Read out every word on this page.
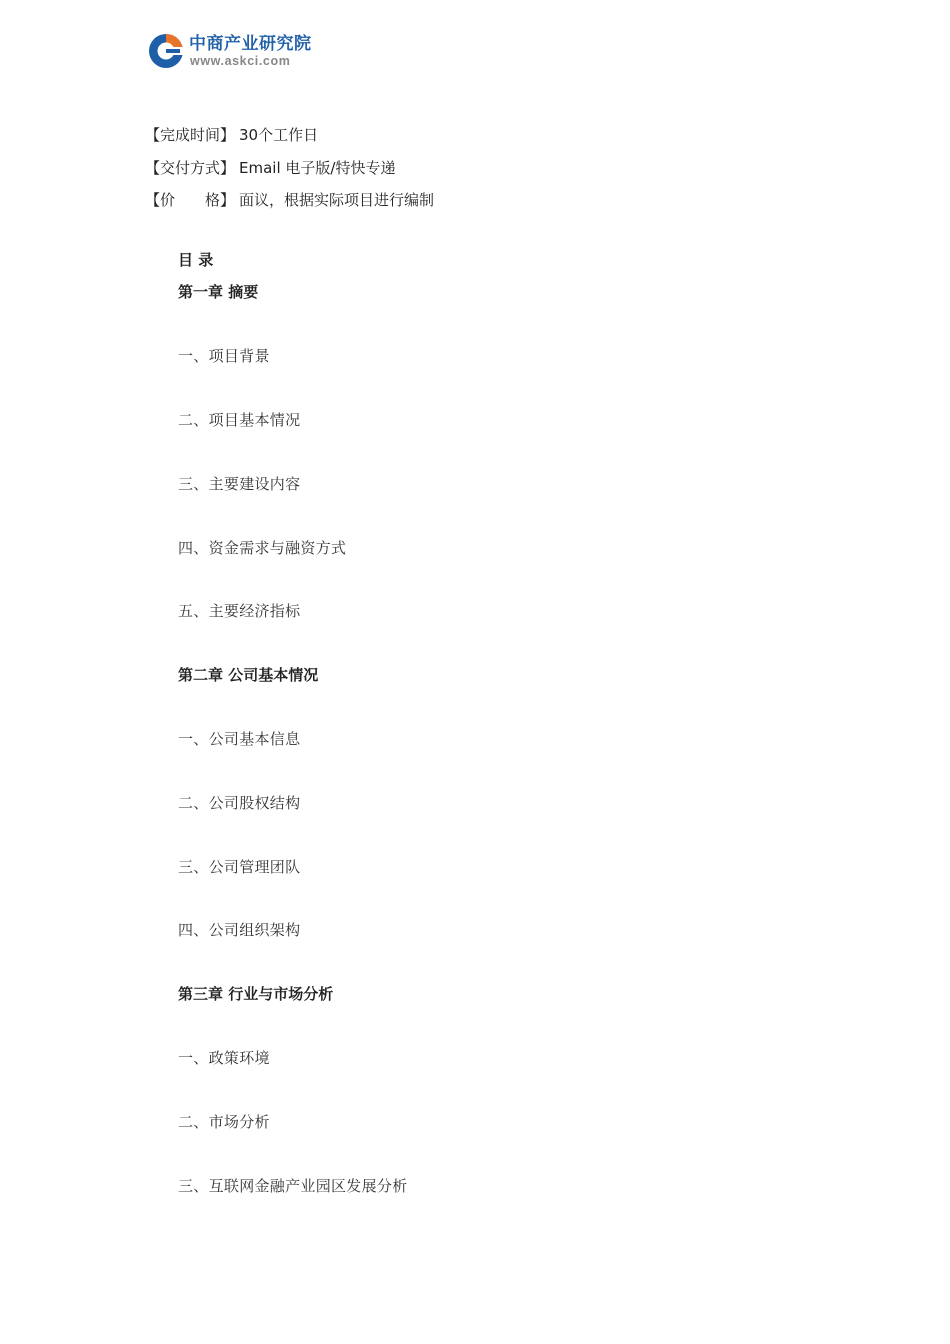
中商产业研究院
www.askci.com
【完成时间】 30个工作日
【交付方式】 Email 电子版/特快专递
【价　　格】 面议，根据实际项目进行编制
目 录
第一章 摘要
一、项目背景
二、项目基本情况
三、主要建设内容
四、资金需求与融资方式
五、主要经济指标
第二章 公司基本情况
一、公司基本信息
二、公司股权结构
三、公司管理团队
四、公司组织架构
第三章 行业与市场分析
一、政策环境
二、市场分析
三、互联网金融产业园区发展分析
